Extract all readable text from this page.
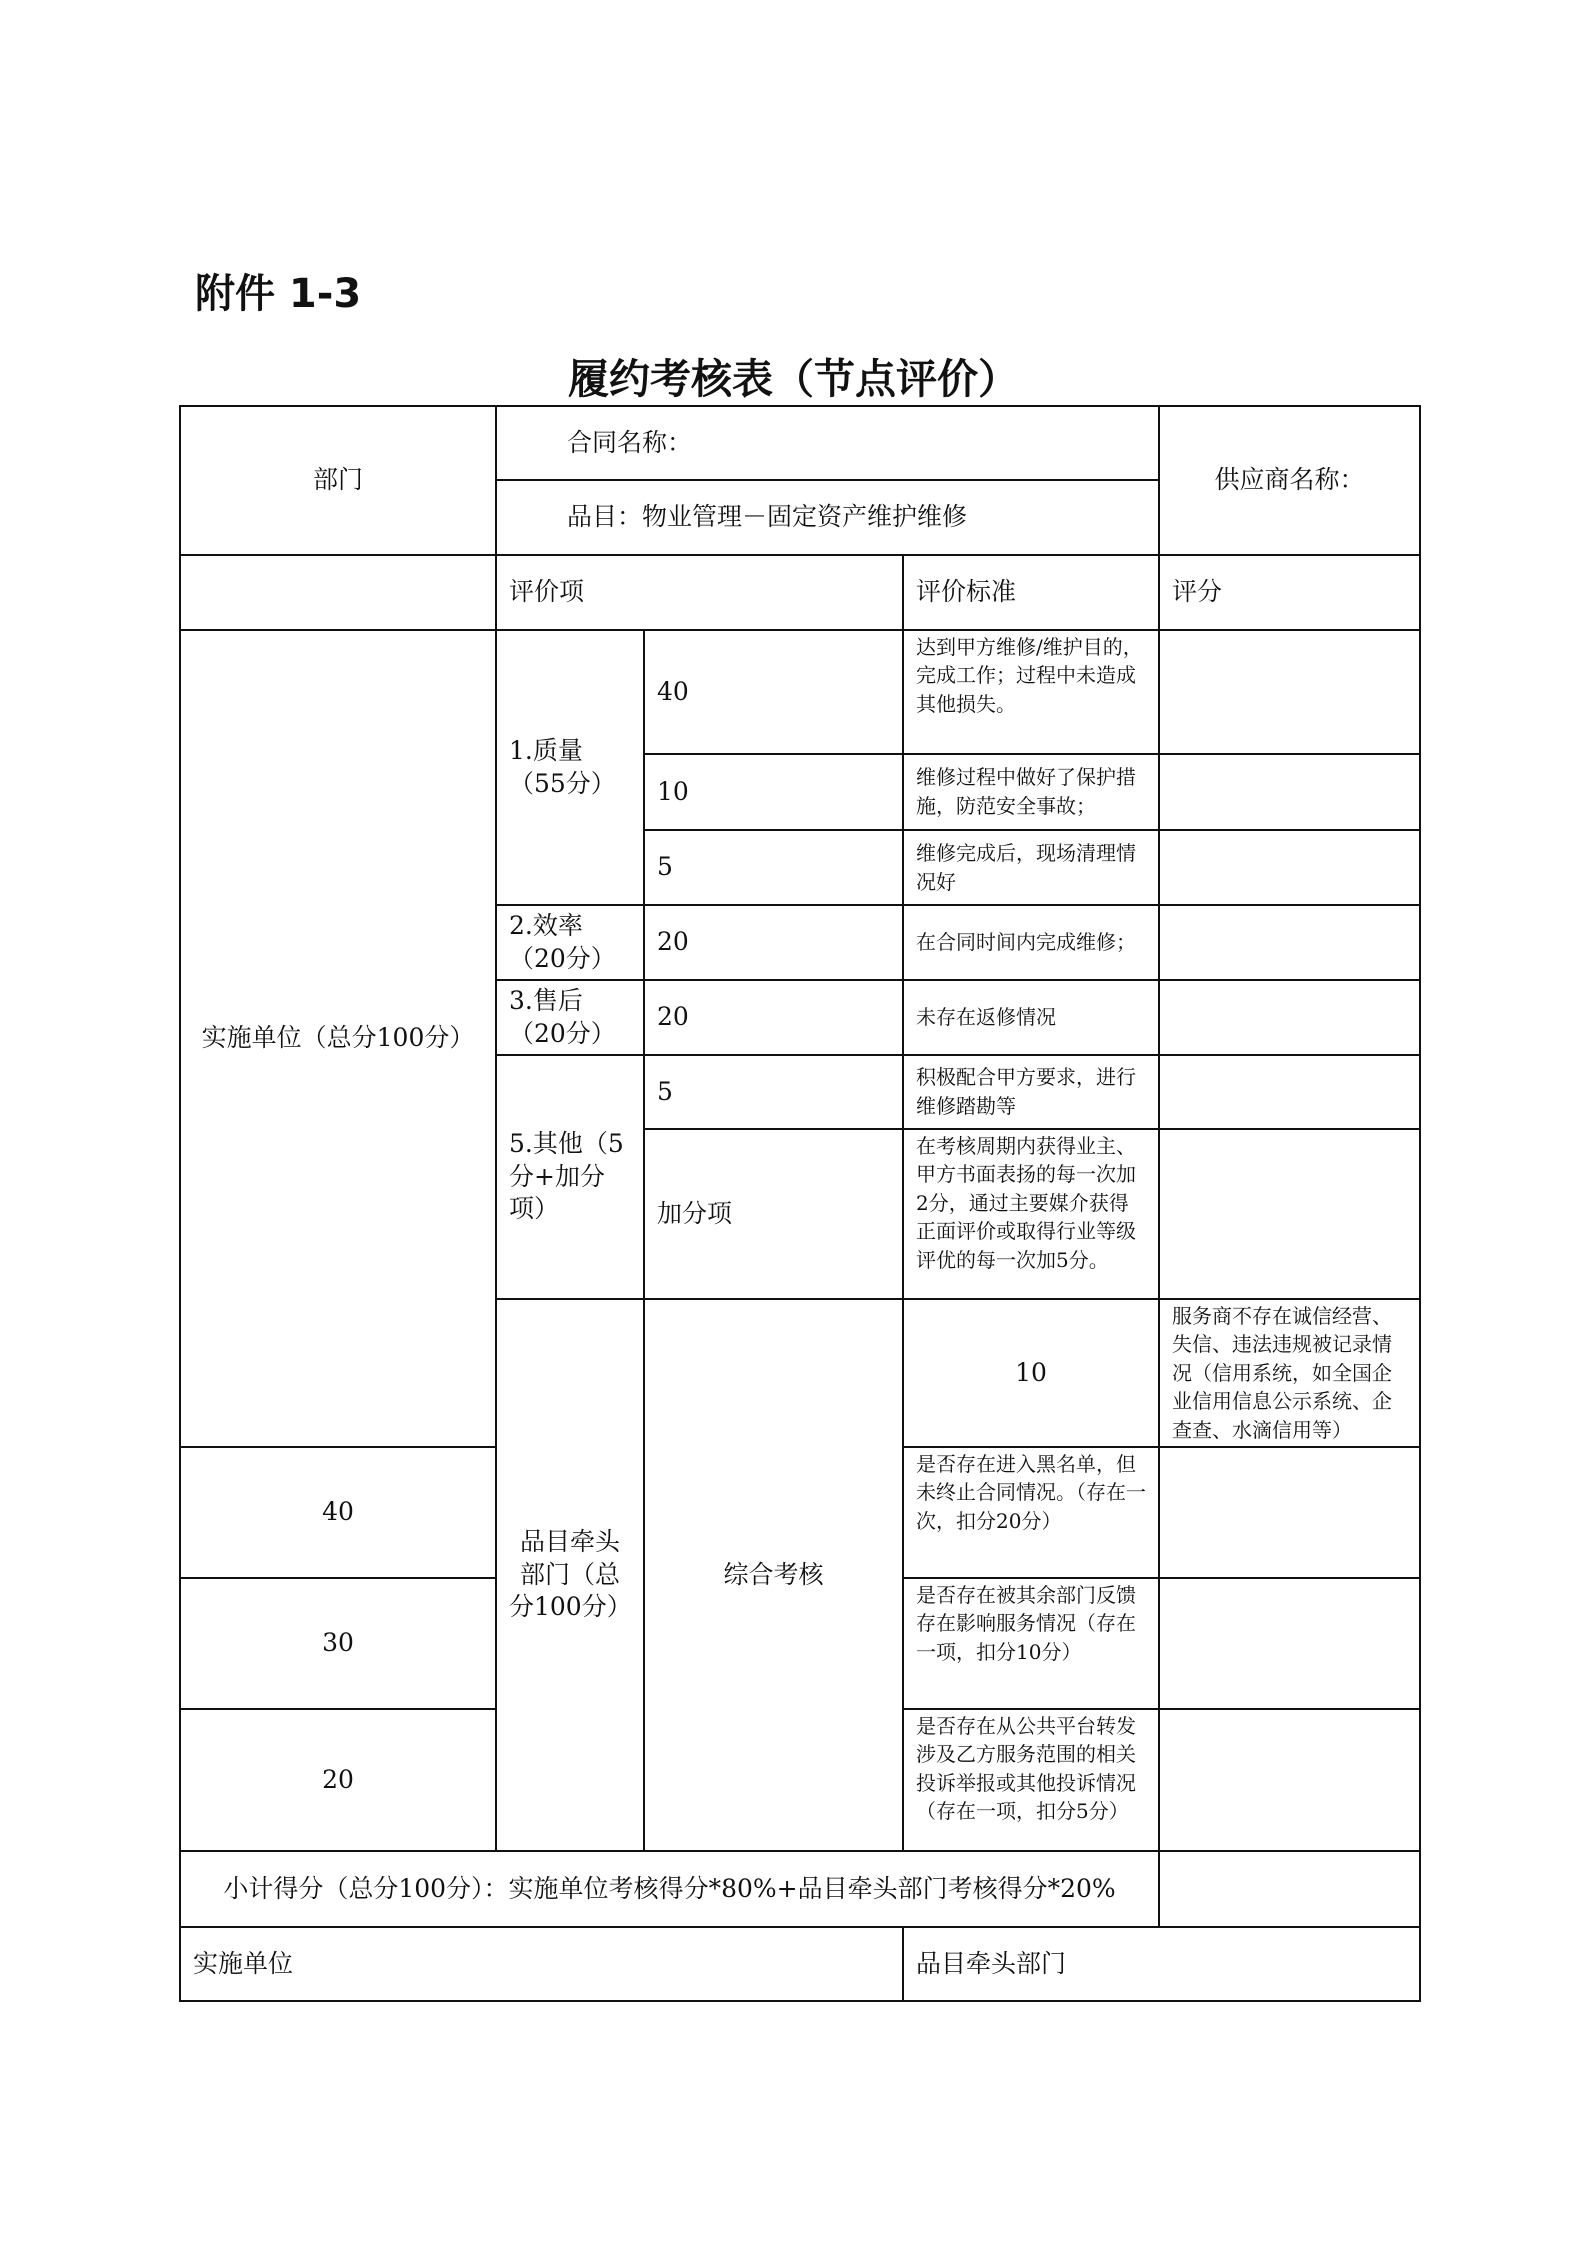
附件 1-3
履约考核表（节点评价）
部门	合同名称：			供应商名称：	
	品目：物业管理－固定资产维护维修				
	评价项		评价标准	评分	
实施单位（总分100分）	1.质量（55分）	40	达到甲方维修/维护目的，完成工作；过程中未造成其他损失。		
		10	维修过程中做好了保护措施，防范安全事故；		
		5	维修完成后，现场清理情况好		
	2.效率（20分）	20	在合同时间内完成维修；		
	3.售后（20分）	20	未存在返修情况		
	5.其他（5分+加分项）	5	积极配合甲方要求，进行维修踏勘等		
		加分项	在考核周期内获得业主、甲方书面表扬的每一次加2分，通过主要媒介获得正面评价或取得行业等级评优的每一次加5分。		
	品目牵头部门（总分100分）	综合考核	10	服务商不存在诚信经营、失信、违法违规被记录情况（信用系统，如全国企业信用信息公示系统、企查查、水滴信用等）	
40			是否存在进入黑名单，但未终止合同情况。（存在一次，扣分20分）		
30			是否存在被其余部门反馈存在影响服务情况（存在一项，扣分10分）		
20			是否存在从公共平台转发涉及乙方服务范围的相关投诉举报或其他投诉情况（存在一项，扣分5分）		
小计得分（总分100分）：实施单位考核得分*80%+品目牵头部门考核得分*20%					
实施单位			品目牵头部门		
